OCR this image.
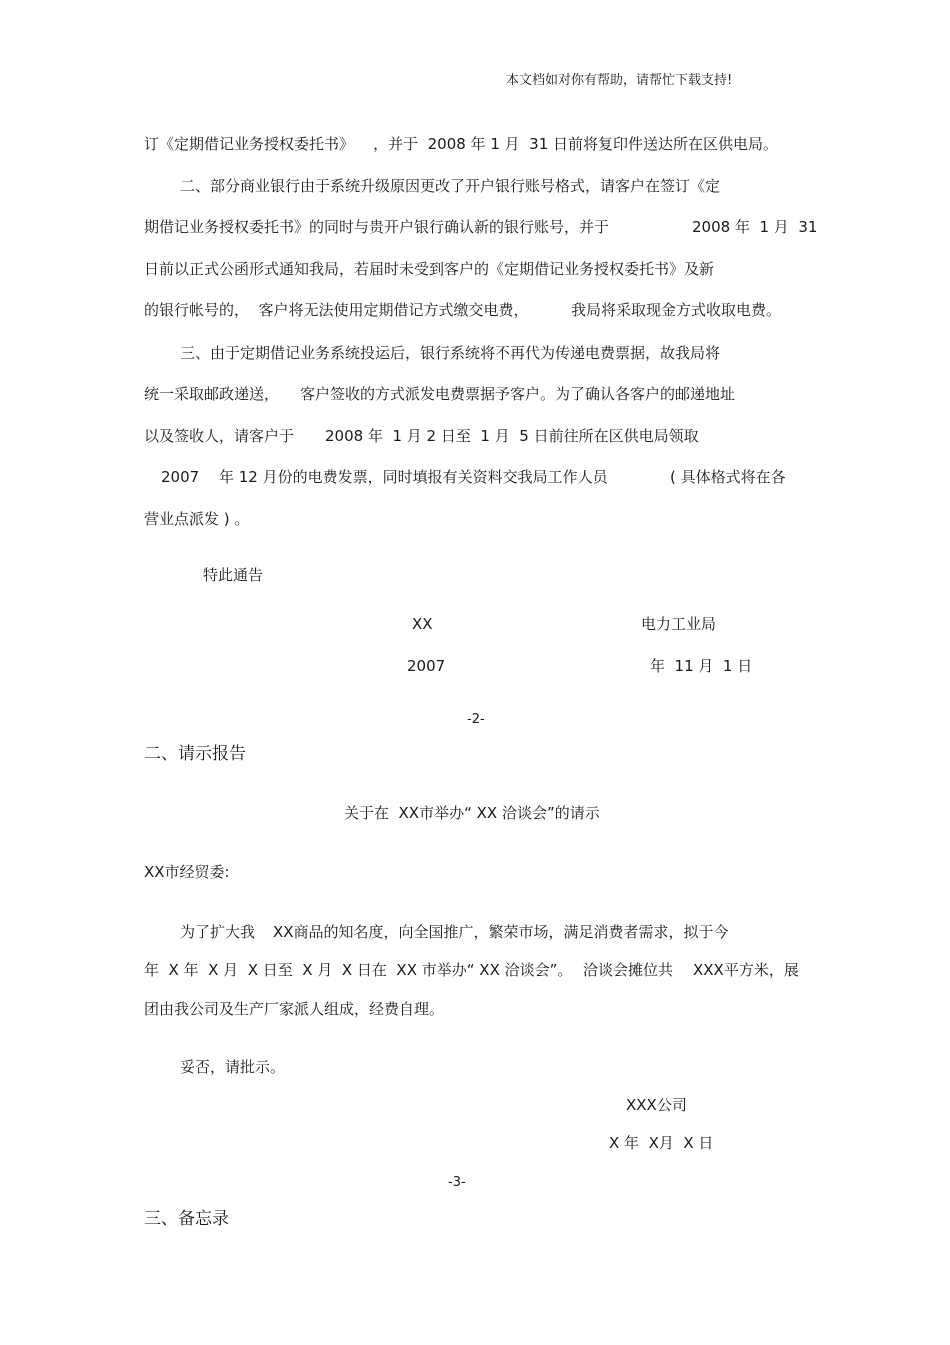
本文档如对你有帮助，请帮忙下载支持!
订《定期借记业务授权委托书》    ，并于  2008 年 1 月  31 日前将复印件送达所在区供电局。
二、部分商业银行由于系统升级原因更改了开户银行账号格式，请客户在签订《定
期借记业务授权委托书》的同时与贵开户银行确认新的银行账号，并于	2008 年  1 月  31
日前以正式公函形式通知我局，若届时未受到客户的《定期借记业务授权委托书》及新
的银行帐号的，  客户将无法使用定期借记方式缴交电费，	我局将采取现金方式收取电费。
三、由于定期借记业务系统投运后，银行系统将不再代为传递电费票据，故我局将
统一采取邮政递送， 客户签收的方式派发电费票据予客户。为了确认各客户的邮递地址
以及签收人，请客户于 2008 年  1 月 2 日至  1 月  5 日前往所在区供电局领取
2007 年 12 月份的电费发票，同时填报有关资料交我局工作人员	( 具体格式将在各
营业点派发 ) 。
特此通告
XX	电力工业局
2007	年  11 月  1 日
-2-
二、请示报告
关于在  XX市举办“ XX 洽谈会”的请示
XX市经贸委:
为了扩大我 XX商品的知名度，向全国推广，繁荣市场，满足消费者需求，拟于今
年  X 年  X 月  X 日至  X 月  X 日在  XX 市举办“ XX 洽谈会”。 洽谈会摊位共 XXX平方米，展
团由我公司及生产厂家派人组成，经费自理。
妥否，请批示。
XXX公司
X 年  X月  X 日
-3-
三、备忘录
